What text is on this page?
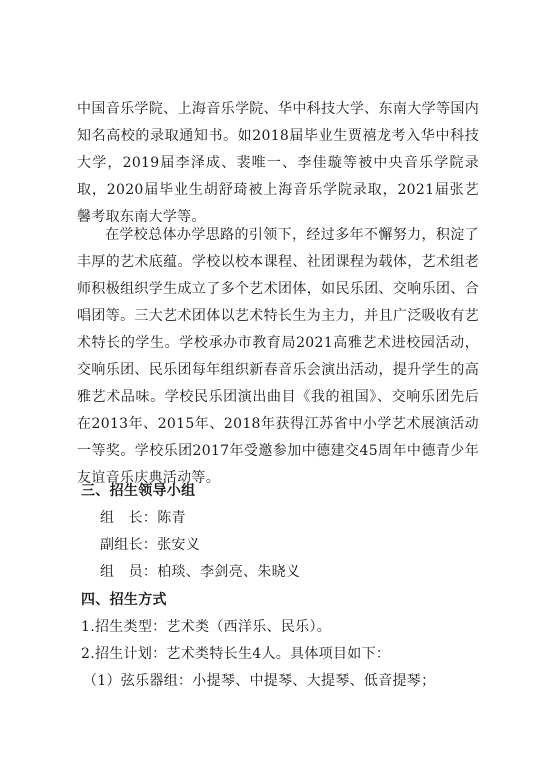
中国音乐学院、上海音乐学院、华中科技大学、东南大学等国内知名高校的录取通知书。如2018届毕业生贾禧龙考入华中科技大学，2019届李泽成、裴唯一、李佳璇等被中央音乐学院录取，2020届毕业生胡舒琦被上海音乐学院录取，2021届张艺馨考取东南大学等。

在学校总体办学思路的引领下，经过多年不懈努力，积淀了丰厚的艺术底蕴。学校以校本课程、社团课程为载体，艺术组老师积极组织学生成立了多个艺术团体，如民乐团、交响乐团、合唱团等。三大艺术团体以艺术特长生为主力，并且广泛吸收有艺术特长的学生。学校承办市教育局2021高雅艺术进校园活动，交响乐团、民乐团每年组织新春音乐会演出活动，提升学生的高雅艺术品味。学校民乐团演出曲目《我的祖国》、交响乐团先后在2013年、2015年、2018年获得江苏省中小学艺术展演活动一等奖。学校乐团2017年受邀参加中德建交45周年中德青少年友谊音乐庆典活动等。

三、招生领导小组

组　长：陈青

副组长：张安义

组　员：柏琰、李剑亮、朱晓义

四、招生方式

1.招生类型：艺术类（西洋乐、民乐）。

2.招生计划：艺术类特长生4人。具体项目如下：

（1）弦乐器组：小提琴、中提琴、大提琴、低音提琴；
